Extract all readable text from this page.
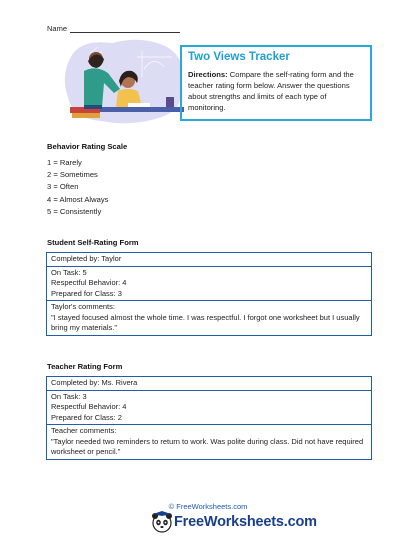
Name
Two Views Tracker
Directions: Compare the self-rating form and the teacher rating form below. Answer the questions about strengths and limits of each type of monitoring.
Behavior Rating Scale
1 = Rarely
2 = Sometimes
3 = Often
4 = Almost Always
5 = Consistently
Student Self-Rating Form
Completed by: Taylor
On Task: 5
Respectful Behavior: 4
Prepared for Class: 3
Taylor's comments:
"I stayed focused almost the whole time. I was respectful. I forgot one worksheet but I usually bring my materials."
Teacher Rating Form
Completed by: Ms. Rivera
On Task: 3
Respectful Behavior: 4
Prepared for Class: 2
Teacher comments:
"Taylor needed two reminders to return to work. Was polite during class. Did not have required worksheet or pencil."
© FreeWorksheets.com
FreeWorksheets.com
